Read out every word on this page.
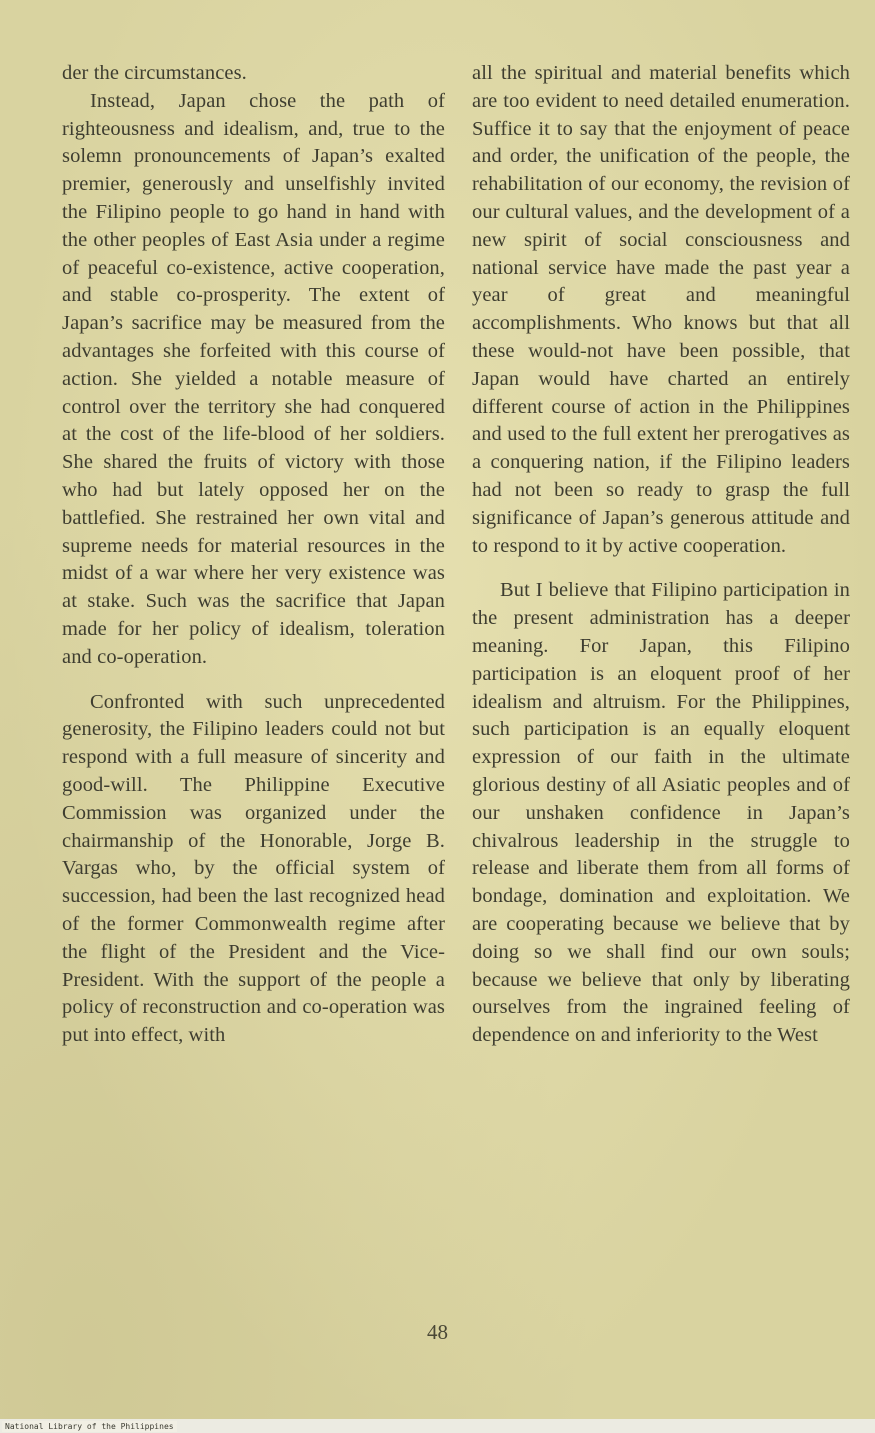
der the circumstances.

Instead, Japan chose the path of righteousness and idealism, and, true to the solemn pronouncements of Japan’s exalted premier, generously and unselfishly invited the Filipino people to go hand in hand with the other peoples of East Asia under a regime of peaceful co-existence, active cooperation, and stable co-prosperity. The extent of Japan’s sacrifice may be measured from the advantages she forfeited with this course of action. She yielded a notable measure of control over the territory she had conquered at the cost of the life-blood of her soldiers. She shared the fruits of victory with those who had but lately opposed her on the battlefied. She restrained her own vital and supreme needs for material resources in the midst of a war where her very existence was at stake. Such was the sacrifice that Japan made for her policy of idealism, toleration and co-operation.

Confronted with such unprecedented generosity, the Filipino leaders could not but respond with a full measure of sincerity and good-will. The Philippine Executive Commission was organized under the chairmanship of the Honorable, Jorge B. Vargas who, by the official system of succession, had been the last recognized head of the former Commonwealth regime after the flight of the President and the Vice-President. With the support of the people a policy of reconstruction and co-operation was put into effect, with

all the spiritual and material benefits which are too evident to need detailed enumeration. Suffice it to say that the enjoyment of peace and order, the unification of the people, the rehabilitation of our economy, the revision of our cultural values, and the development of a new spirit of social consciousness and national service have made the past year a year of great and meaningful accomplishments. Who knows but that all these would-not have been possible, that Japan would have charted an entirely different course of action in the Philippines and used to the full extent her prerogatives as a conquering nation, if the Filipino leaders had not been so ready to grasp the full significance of Japan’s generous attitude and to respond to it by active cooperation.

But I believe that Filipino participation in the present administration has a deeper meaning. For Japan, this Filipino participation is an eloquent proof of her idealism and altruism. For the Philippines, such participation is an equally eloquent expression of our faith in the ultimate glorious destiny of all Asiatic peoples and of our unshaken confidence in Japan’s chivalrous leadership in the struggle to release and liberate them from all forms of bondage, domination and exploitation. We are cooperating because we believe that by doing so we shall find our own souls; because we believe that only by liberating ourselves from the ingrained feeling of dependence on and inferiority to the West

48
National Library of the Philippines
